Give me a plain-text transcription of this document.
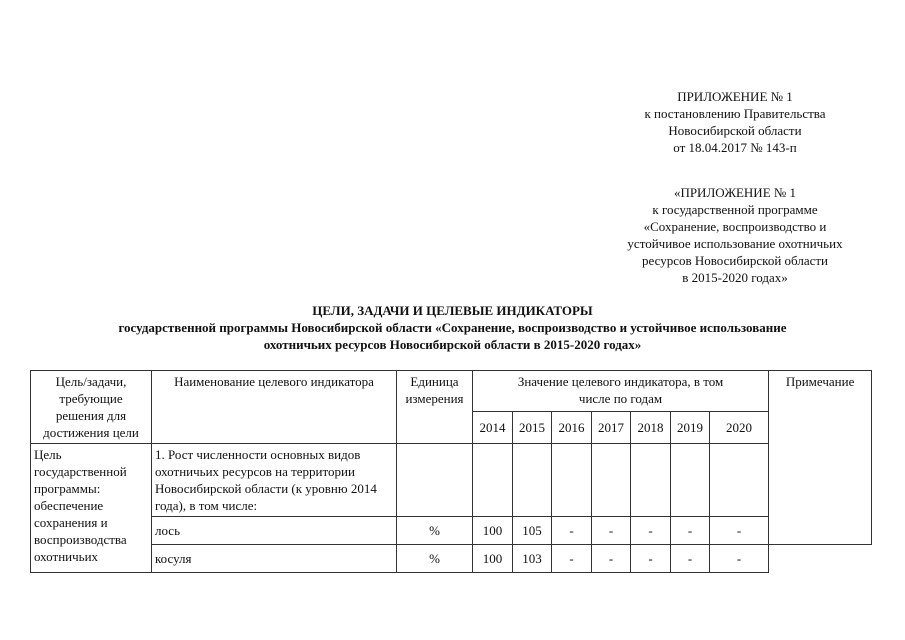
ПРИЛОЖЕНИЕ № 1
к постановлению Правительства
Новосибирской области
от 18.04.2017 № 143-п
«ПРИЛОЖЕНИЕ № 1
к государственной программе
«Сохранение, воспроизводство и
устойчивое использование охотничьих
ресурсов Новосибирской области
в 2015-2020 годах»
ЦЕЛИ, ЗАДАЧИ И ЦЕЛЕВЫЕ ИНДИКАТОРЫ
государственной программы Новосибирской области «Сохранение, воспроизводство и устойчивое использование
охотничьих ресурсов Новосибирской области в 2015-2020 годах»
Цель/задачи, требующие решения для достижения цели	Наименование целевого индикатора	Единица измерения	Значение целевого индикатора, в том числе по годам							Примечание
			2014	2015	2016	2017	2018	2019	2020	
Цель государственной программы: обеспечение сохранения и воспроизводства охотничьих	1. Рост численности основных видов охотничьих ресурсов на территории Новосибирской области (к уровню 2014 года), в том числе:									
	лось	%	100	105	-	-	-	-	-	
	косуля	%	100	103	-	-	-	-	-	
